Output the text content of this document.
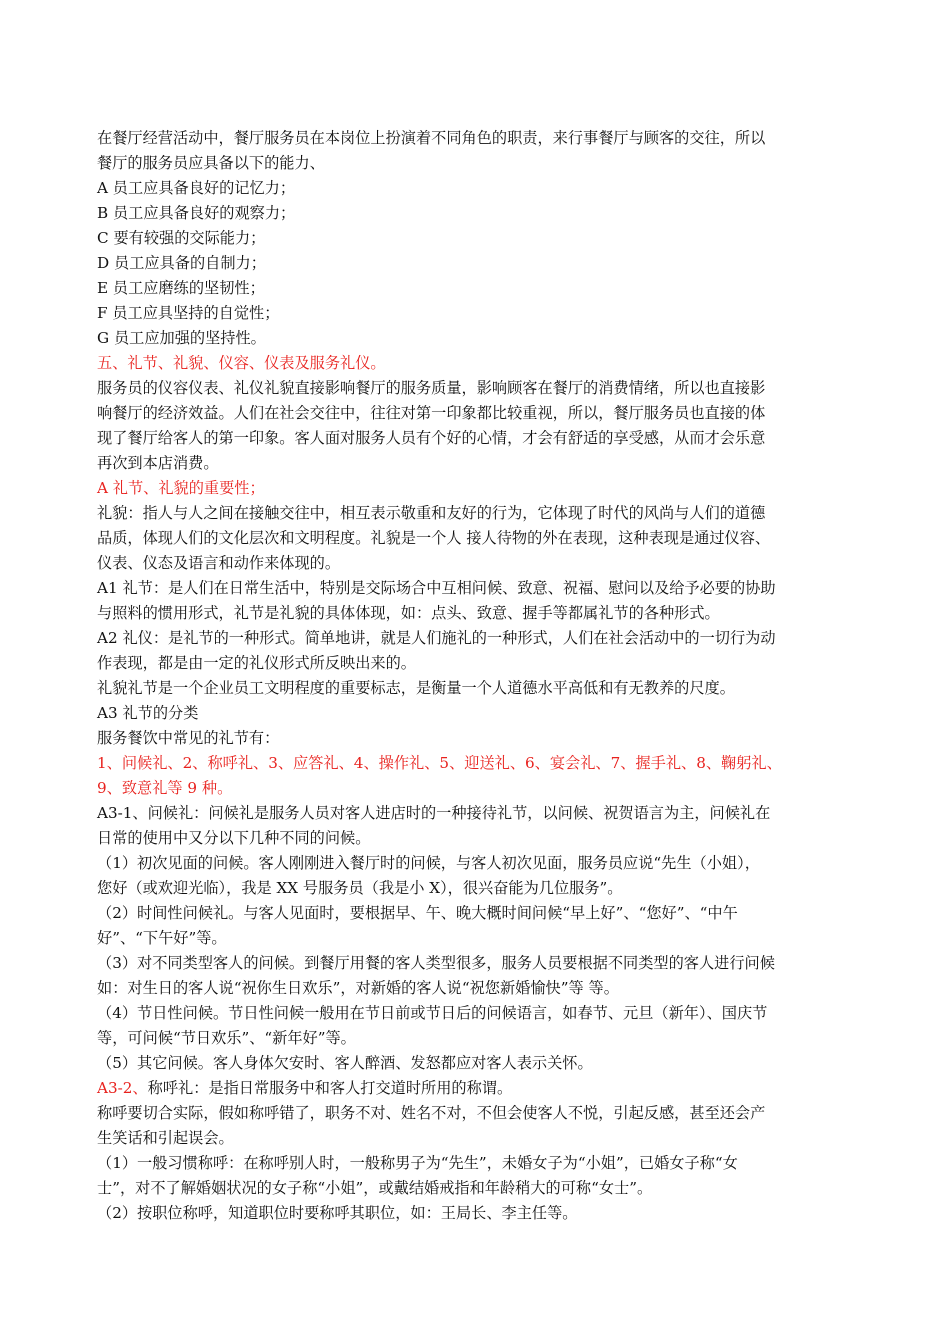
在餐厅经营活动中，餐厅服务员在本岗位上扮演着不同角色的职责，来行事餐厅与顾客的交往，所以
餐厅的服务员应具备以下的能力、
A 员工应具备良好的记忆力；
B 员工应具备良好的观察力；
C 要有较强的交际能力；
D 员工应具备的自制力；
E 员工应磨练的坚韧性；
F 员工应具坚持的自觉性；
G 员工应加强的坚持性。
五、礼节、礼貌、仪容、仪表及服务礼仪。
服务员的仪容仪表、礼仪礼貌直接影响餐厅的服务质量，影响顾客在餐厅的消费情绪，所以也直接影
响餐厅的经济效益。人们在社会交往中，往往对第一印象都比较重视，所以，餐厅服务员也直接的体
现了餐厅给客人的第一印象。客人面对服务人员有个好的心情，才会有舒适的享受感，从而才会乐意
再次到本店消费。
A 礼节、礼貌的重要性；
礼貌：指人与人之间在接触交往中，相互表示敬重和友好的行为，它体现了时代的风尚与人们的道德
品质，体现人们的文化层次和文明程度。礼貌是一个人 接人待物的外在表现，这种表现是通过仪容、
仪表、仪态及语言和动作来体现的。
A1 礼节：是人们在日常生活中，特别是交际场合中互相问候、致意、祝福、慰问以及给予必要的协助
与照料的惯用形式，礼节是礼貌的具体体现，如：点头、致意、握手等都属礼节的各种形式。
A2 礼仪：是礼节的一种形式。简单地讲，就是人们施礼的一种形式，人们在社会活动中的一切行为动
作表现，都是由一定的礼仪形式所反映出来的。
礼貌礼节是一个企业员工文明程度的重要标志，是衡量一个人道德水平高低和有无教养的尺度。
A3 礼节的分类
服务餐饮中常见的礼节有：
1、问候礼、2、称呼礼、3、应答礼、4、操作礼、5、迎送礼、6、宴会礼、7、握手礼、8、鞠躬礼、
9、致意礼等 9 种。
A3-1、问候礼：问候礼是服务人员对客人进店时的一种接待礼节，以问候、祝贺语言为主，问候礼在
日常的使用中又分以下几种不同的问候。
（1）初次见面的问候。客人刚刚进入餐厅时的问候，与客人初次见面，服务员应说“先生（小姐），
您好（或欢迎光临），我是 XX 号服务员（我是小 X），很兴奋能为几位服务”。
（2）时间性问候礼。与客人见面时，要根据早、午、晚大概时间问候“早上好”、“您好”、“中午
好”、“下午好”等。
（3）对不同类型客人的问候。到餐厅用餐的客人类型很多，服务人员要根据不同类型的客人进行问候
如：对生日的客人说“祝你生日欢乐”，对新婚的客人说“祝您新婚愉快”等 等。
（4）节日性问候。节日性问候一般用在节日前或节日后的问候语言，如春节、元旦（新年）、国庆节
等，可问候“节日欢乐”、“新年好”等。
（5）其它问候。客人身体欠安时、客人醉酒、发怒都应对客人表示关怀。
A3-2、称呼礼：是指日常服务中和客人打交道时所用的称谓。
称呼要切合实际，假如称呼错了，职务不对、姓名不对，不但会使客人不悦，引起反感，甚至还会产
生笑话和引起误会。
（1）一般习惯称呼：在称呼别人时，一般称男子为“先生”，未婚女子为“小姐”，已婚女子称“女
士”，对不了解婚姻状况的女子称“小姐”，或戴结婚戒指和年龄稍大的可称“女士”。
（2）按职位称呼，知道职位时要称呼其职位，如：王局长、李主任等。
